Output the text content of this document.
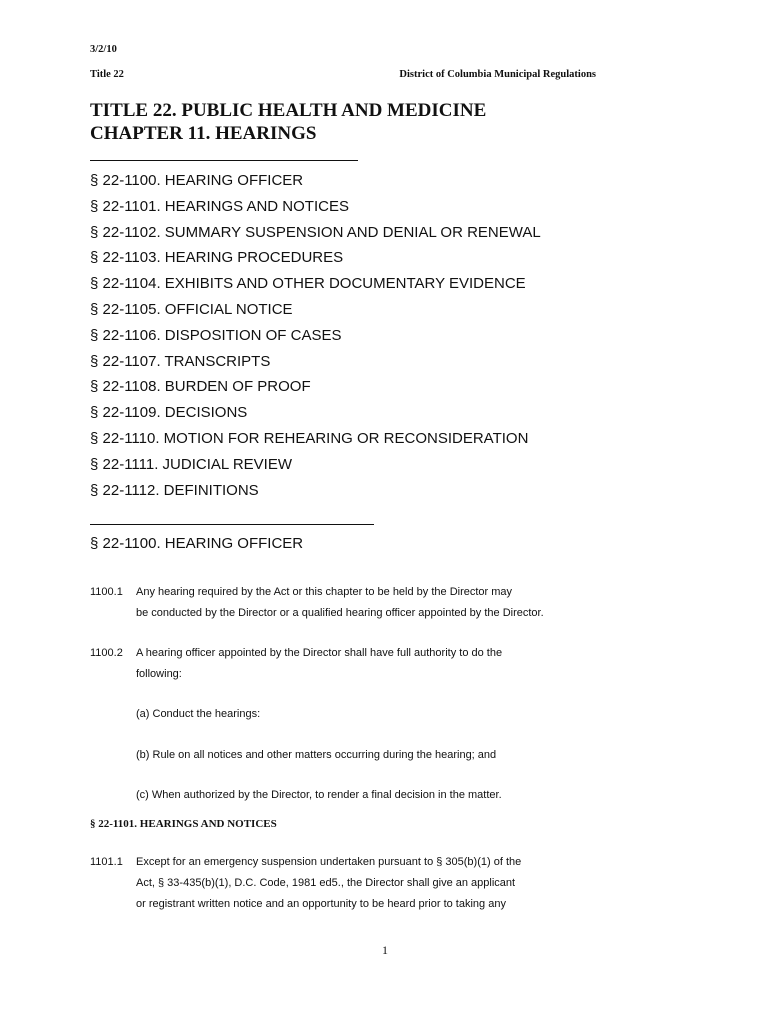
3/2/10
Title 22	District of Columbia Municipal Regulations
TITLE 22. PUBLIC HEALTH AND MEDICINE
CHAPTER 11. HEARINGS
§ 22-1100. HEARING OFFICER
§ 22-1101. HEARINGS AND NOTICES
§ 22-1102. SUMMARY SUSPENSION AND DENIAL OR RENEWAL
§ 22-1103. HEARING PROCEDURES
§ 22-1104. EXHIBITS AND OTHER DOCUMENTARY EVIDENCE
§ 22-1105. OFFICIAL NOTICE
§ 22-1106. DISPOSITION OF CASES
§ 22-1107. TRANSCRIPTS
§ 22-1108. BURDEN OF PROOF
§ 22-1109. DECISIONS
§ 22-1110. MOTION FOR REHEARING OR RECONSIDERATION
§ 22-1111. JUDICIAL REVIEW
§ 22-1112. DEFINITIONS
§ 22-1100. HEARING OFFICER
1100.1 Any hearing required by the Act or this chapter to be held by the Director may
be conducted by the Director or a qualified hearing officer appointed by the Director.
1100.2 A hearing officer appointed by the Director shall have full authority to do the
following:
(a) Conduct the hearings:
(b) Rule on all notices and other matters occurring during the hearing; and
(c) When authorized by the Director, to render a final decision in the matter.
§ 22-1101. HEARINGS AND NOTICES
1101.1 Except for an emergency suspension undertaken pursuant to § 305(b)(1) of the
Act, § 33-435(b)(1), D.C. Code, 1981 ed5., the Director shall give an applicant
or registrant written notice and an opportunity to be heard prior to taking any
1
